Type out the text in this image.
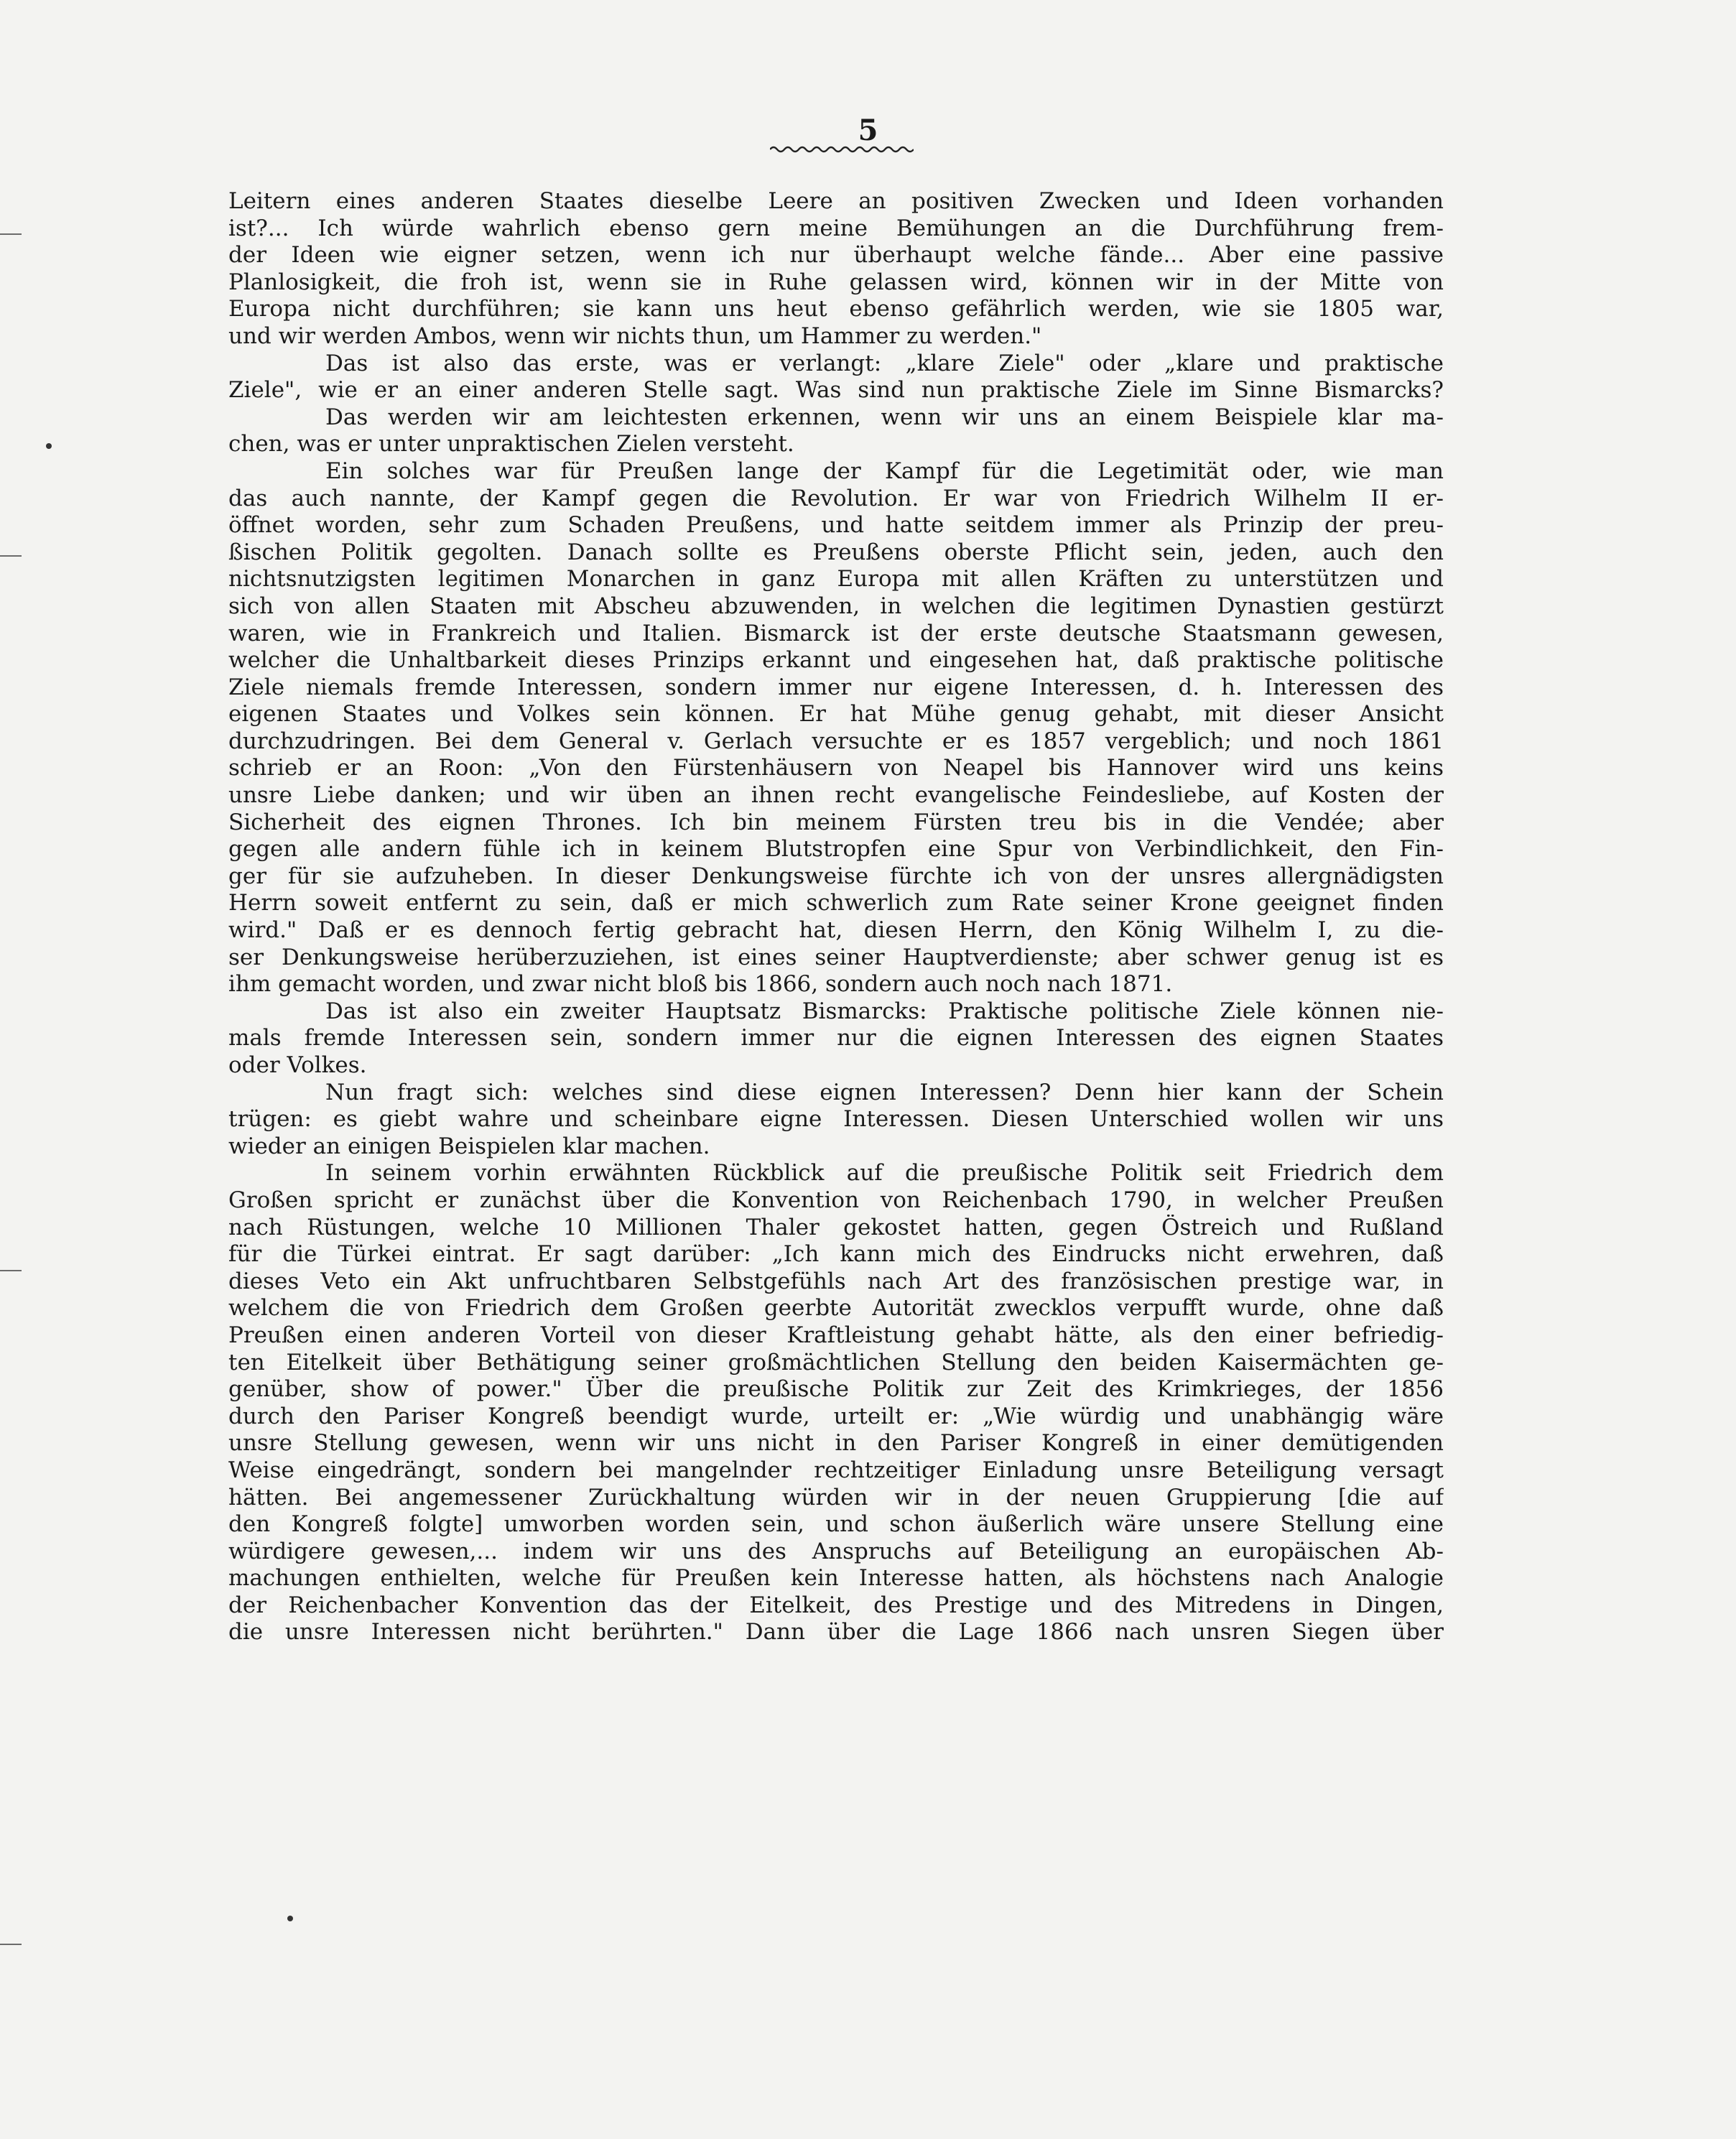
5
Leitern eines anderen Staates dieselbe Leere an positiven Zwecken und Ideen vorhanden
ist?... Ich würde wahrlich ebenso gern meine Bemühungen an die Durchführung frem-
der Ideen wie eigner setzen, wenn ich nur überhaupt welche fände... Aber eine passive
Planlosigkeit, die froh ist, wenn sie in Ruhe gelassen wird, können wir in der Mitte von
Europa nicht durchführen; sie kann uns heut ebenso gefährlich werden, wie sie 1805 war,
und wir werden Ambos, wenn wir nichts thun, um Hammer zu werden."
Das ist also das erste, was er verlangt: „klare Ziele" oder „klare und praktische
Ziele", wie er an einer anderen Stelle sagt. Was sind nun praktische Ziele im Sinne Bismarcks?
Das werden wir am leichtesten erkennen, wenn wir uns an einem Beispiele klar ma-
chen, was er unter unpraktischen Zielen versteht.
Ein solches war für Preußen lange der Kampf für die Legetimität oder, wie man
das auch nannte, der Kampf gegen die Revolution. Er war von Friedrich Wilhelm II er-
öffnet worden, sehr zum Schaden Preußens, und hatte seitdem immer als Prinzip der preu-
ßischen Politik gegolten. Danach sollte es Preußens oberste Pflicht sein, jeden, auch den
nichtsnutzigsten legitimen Monarchen in ganz Europa mit allen Kräften zu unterstützen und
sich von allen Staaten mit Abscheu abzuwenden, in welchen die legitimen Dynastien gestürzt
waren, wie in Frankreich und Italien. Bismarck ist der erste deutsche Staatsmann gewesen,
welcher die Unhaltbarkeit dieses Prinzips erkannt und eingesehen hat, daß praktische politische
Ziele niemals fremde Interessen, sondern immer nur eigene Interessen, d. h. Interessen des
eigenen Staates und Volkes sein können. Er hat Mühe genug gehabt, mit dieser Ansicht
durchzudringen. Bei dem General v. Gerlach versuchte er es 1857 vergeblich; und noch 1861
schrieb er an Roon: „Von den Fürstenhäusern von Neapel bis Hannover wird uns keins
unsre Liebe danken; und wir üben an ihnen recht evangelische Feindesliebe, auf Kosten der
Sicherheit des eignen Thrones. Ich bin meinem Fürsten treu bis in die Vendée; aber
gegen alle andern fühle ich in keinem Blutstropfen eine Spur von Verbindlichkeit, den Fin-
ger für sie aufzuheben. In dieser Denkungsweise fürchte ich von der unsres allergnädigsten
Herrn soweit entfernt zu sein, daß er mich schwerlich zum Rate seiner Krone geeignet finden
wird." Daß er es dennoch fertig gebracht hat, diesen Herrn, den König Wilhelm I, zu die-
ser Denkungsweise herüberzuziehen, ist eines seiner Hauptverdienste; aber schwer genug ist es
ihm gemacht worden, und zwar nicht bloß bis 1866, sondern auch noch nach 1871.
Das ist also ein zweiter Hauptsatz Bismarcks: Praktische politische Ziele können nie-
mals fremde Interessen sein, sondern immer nur die eignen Interessen des eignen Staates
oder Volkes.
Nun fragt sich: welches sind diese eignen Interessen? Denn hier kann der Schein
trügen: es giebt wahre und scheinbare eigne Interessen. Diesen Unterschied wollen wir uns
wieder an einigen Beispielen klar machen.
In seinem vorhin erwähnten Rückblick auf die preußische Politik seit Friedrich dem
Großen spricht er zunächst über die Konvention von Reichenbach 1790, in welcher Preußen
nach Rüstungen, welche 10 Millionen Thaler gekostet hatten, gegen Östreich und Rußland
für die Türkei eintrat. Er sagt darüber: „Ich kann mich des Eindrucks nicht erwehren, daß
dieses Veto ein Akt unfruchtbaren Selbstgefühls nach Art des französischen prestige war, in
welchem die von Friedrich dem Großen geerbte Autorität zwecklos verpufft wurde, ohne daß
Preußen einen anderen Vorteil von dieser Kraftleistung gehabt hätte, als den einer befriedig-
ten Eitelkeit über Bethätigung seiner großmächtlichen Stellung den beiden Kaisermächten ge-
genüber, show of power." Über die preußische Politik zur Zeit des Krimkrieges, der 1856
durch den Pariser Kongreß beendigt wurde, urteilt er: „Wie würdig und unabhängig wäre
unsre Stellung gewesen, wenn wir uns nicht in den Pariser Kongreß in einer demütigenden
Weise eingedrängt, sondern bei mangelnder rechtzeitiger Einladung unsre Beteiligung versagt
hätten. Bei angemessener Zurückhaltung würden wir in der neuen Gruppierung [die auf
den Kongreß folgte] umworben worden sein, und schon äußerlich wäre unsere Stellung eine
würdigere gewesen,... indem wir uns des Anspruchs auf Beteiligung an europäischen Ab-
machungen enthielten, welche für Preußen kein Interesse hatten, als höchstens nach Analogie
der Reichenbacher Konvention das der Eitelkeit, des Prestige und des Mitredens in Dingen,
die unsre Interessen nicht berührten." Dann über die Lage 1866 nach unsren Siegen über
